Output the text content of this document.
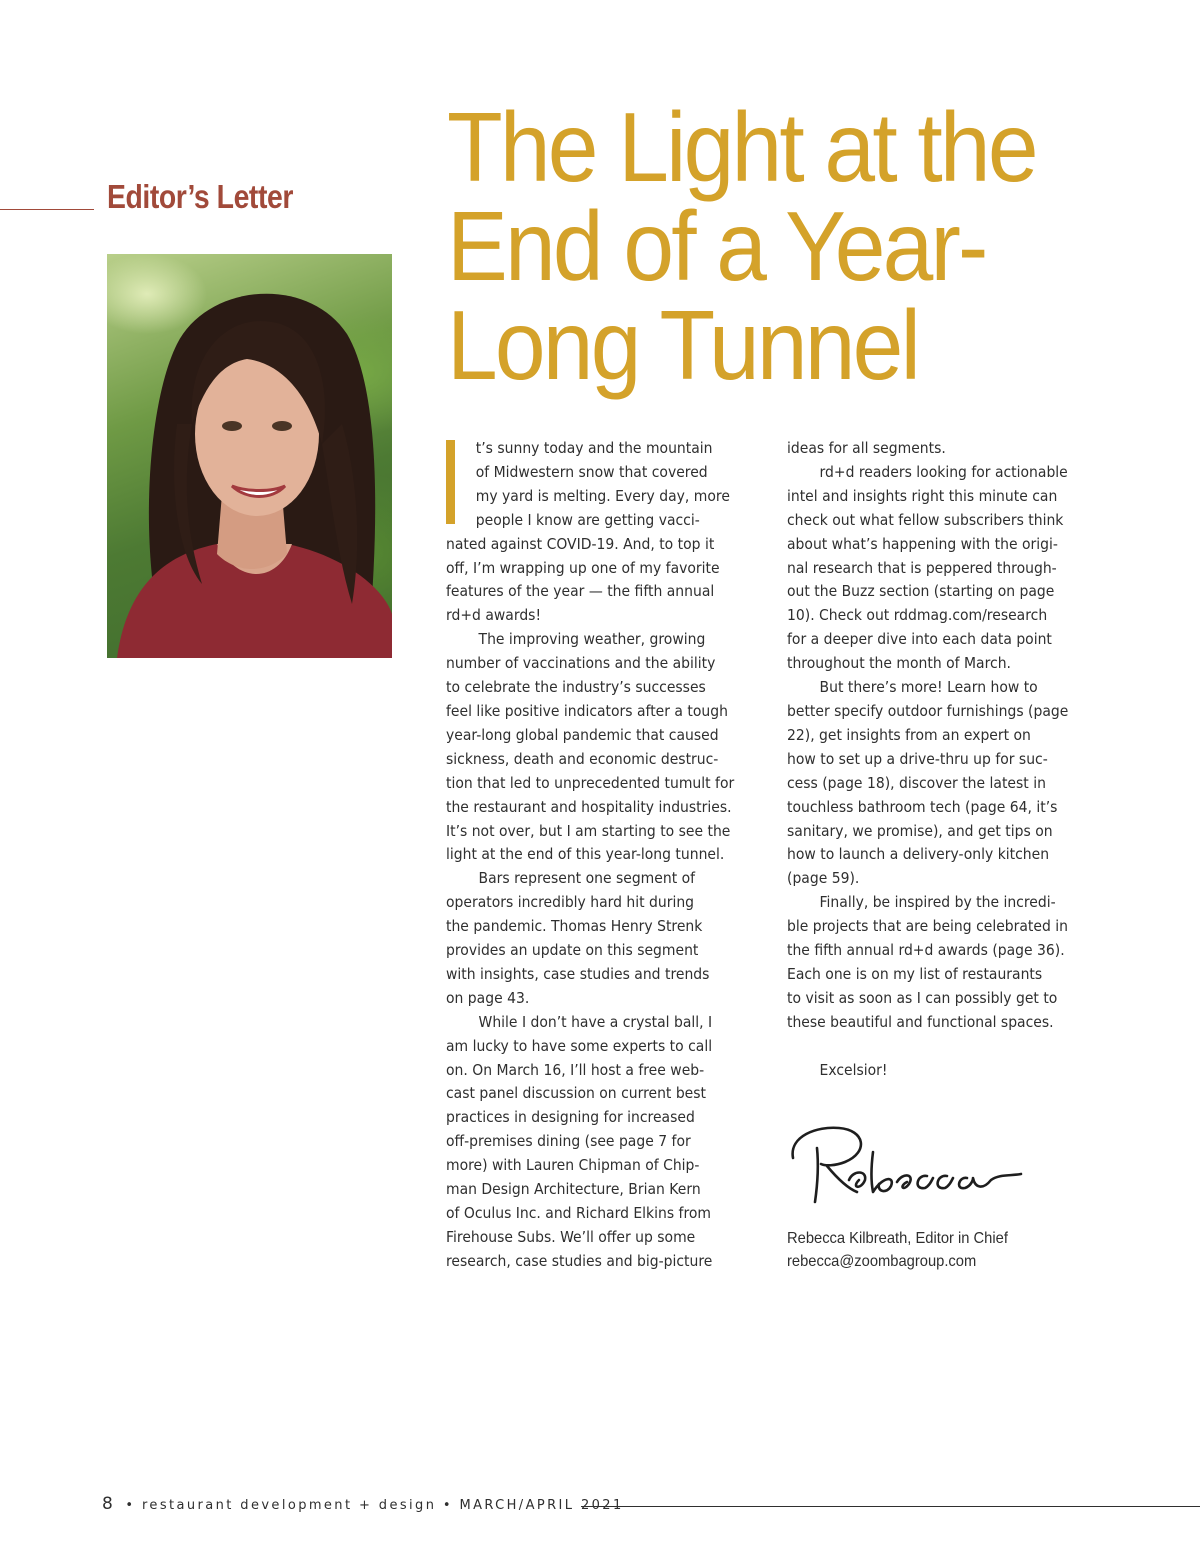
Editor’s Letter The Light at the
End of a Year-
Long Tunnel
t’s sunny today and the mountain
of Midwestern snow that covered
my yard is melting. Every day, more
people I know are getting vacci-
nated against COVID-19. And, to top it
off, I’m wrapping up one of my favorite
features of the year — the fifth annual
rd+d awards!
The improving weather, growing
number of vaccinations and the ability
to celebrate the industry’s successes
feel like positive indicators after a tough
year-long global pandemic that caused
sickness, death and economic destruc-
tion that led to unprecedented tumult for
the restaurant and hospitality industries.
It’s not over, but I am starting to see the
light at the end of this year-long tunnel.
Bars represent one segment of
operators incredibly hard hit during
the pandemic. Thomas Henry Strenk
provides an update on this segment
with insights, case studies and trends
on page 43.
While I don’t have a crystal ball, I
am lucky to have some experts to call
on. On March 16, I’ll host a free web-
cast panel discussion on current best
practices in designing for increased
off-premises dining (see page 7 for
more) with Lauren Chipman of Chip-
man Design Architecture, Brian Kern
of Oculus Inc. and Richard Elkins from
Firehouse Subs. We’ll offer up some
research, case studies and big-picture
ideas for all segments.
rd+d readers looking for actionable
intel and insights right this minute can
check out what fellow subscribers think
about what’s happening with the origi-
nal research that is peppered through-
out the Buzz section (starting on page
10). Check out rddmag.com/research
for a deeper dive into each data point
throughout the month of March.
But there’s more! Learn how to
better specify outdoor furnishings (page
22), get insights from an expert on
how to set up a drive-thru up for suc-
cess (page 18), discover the latest in
touchless bathroom tech (page 64, it’s
sanitary, we promise), and get tips on
how to launch a delivery-only kitchen
(page 59).
Finally, be inspired by the incredi-
ble projects that are being celebrated in
the fifth annual rd+d awards (page 36).
Each one is on my list of restaurants
to visit as soon as I can possibly get to
these beautiful and functional spaces.
Excelsior!
Rebecca Kilbreath, Editor in Chief
rebecca@zoombagroup.com
8 • restaurant development + design • MARCH/APRIL 2021
